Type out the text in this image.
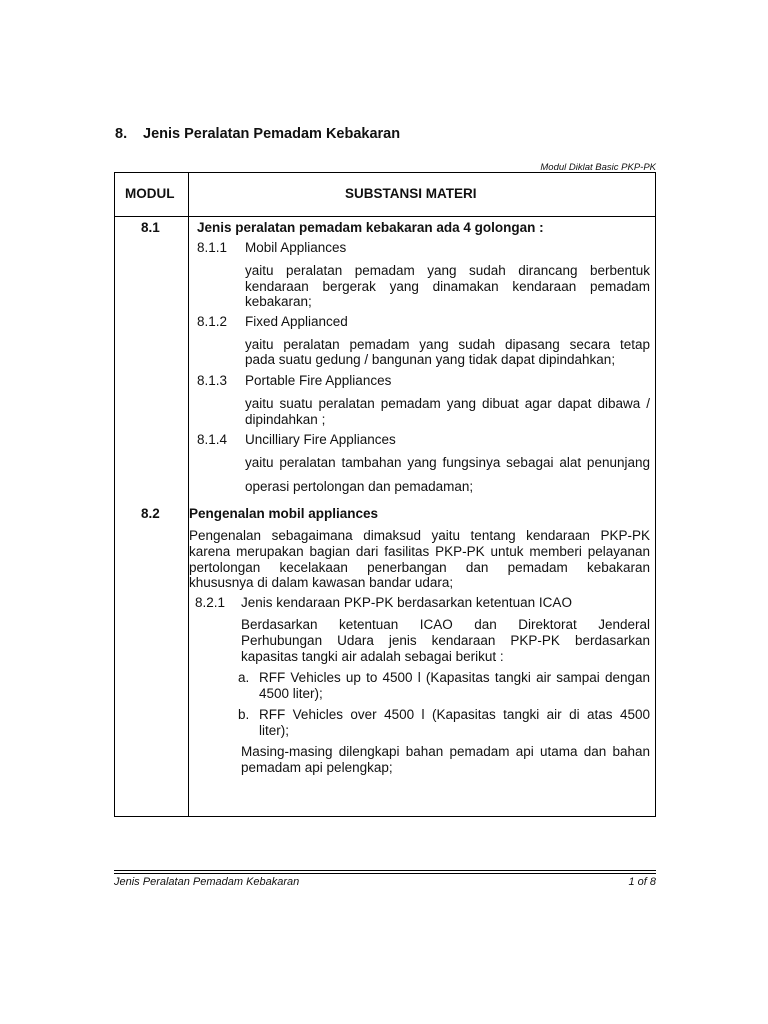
8. Jenis Peralatan Pemadam Kebakaran
Modul Diklat Basic PKP-PK
MODUL	SUBSTANSI MATERI
8.1	Jenis peralatan pemadam kebakaran ada 4 golongan :
8.1.1 Mobil Appliances
yaitu peralatan pemadam yang sudah dirancang berbentuk
kendaraan bergerak yang dinamakan kendaraan pemadam
kebakaran;
8.1.2 Fixed Applianced
yaitu peralatan pemadam yang sudah dipasang secara tetap
pada suatu gedung / bangunan yang tidak dapat dipindahkan;
8.1.3 Portable Fire Appliances
yaitu suatu peralatan pemadam yang dibuat agar dapat dibawa /
dipindahkan ;
8.1.4 Uncilliary Fire Appliances
yaitu peralatan tambahan yang fungsinya sebagai alat penunjang
operasi pertolongan dan pemadaman;
8.2 Pengenalan mobil appliances
Pengenalan sebagaimana dimaksud yaitu tentang kendaraan PKP-PK
karena merupakan bagian dari fasilitas PKP-PK untuk memberi pelayanan
pertolongan kecelakaan penerbangan dan pemadam kebakaran
khususnya di dalam kawasan bandar udara;
8.2.1 Jenis kendaraan PKP-PK berdasarkan ketentuan ICAO
Berdasarkan ketentuan ICAO dan Direktorat Jenderal
Perhubungan Udara jenis kendaraan PKP-PK berdasarkan
kapasitas tangki air adalah sebagai berikut :
a. RFF Vehicles up to 4500 l (Kapasitas tangki air sampai dengan
4500 liter);
b. RFF Vehicles over 4500 l (Kapasitas tangki air di atas 4500
liter);
Masing-masing dilengkapi bahan pemadam api utama dan bahan
pemadam api pelengkap;
Jenis Peralatan Pemadam Kebakaran	1 of 8
